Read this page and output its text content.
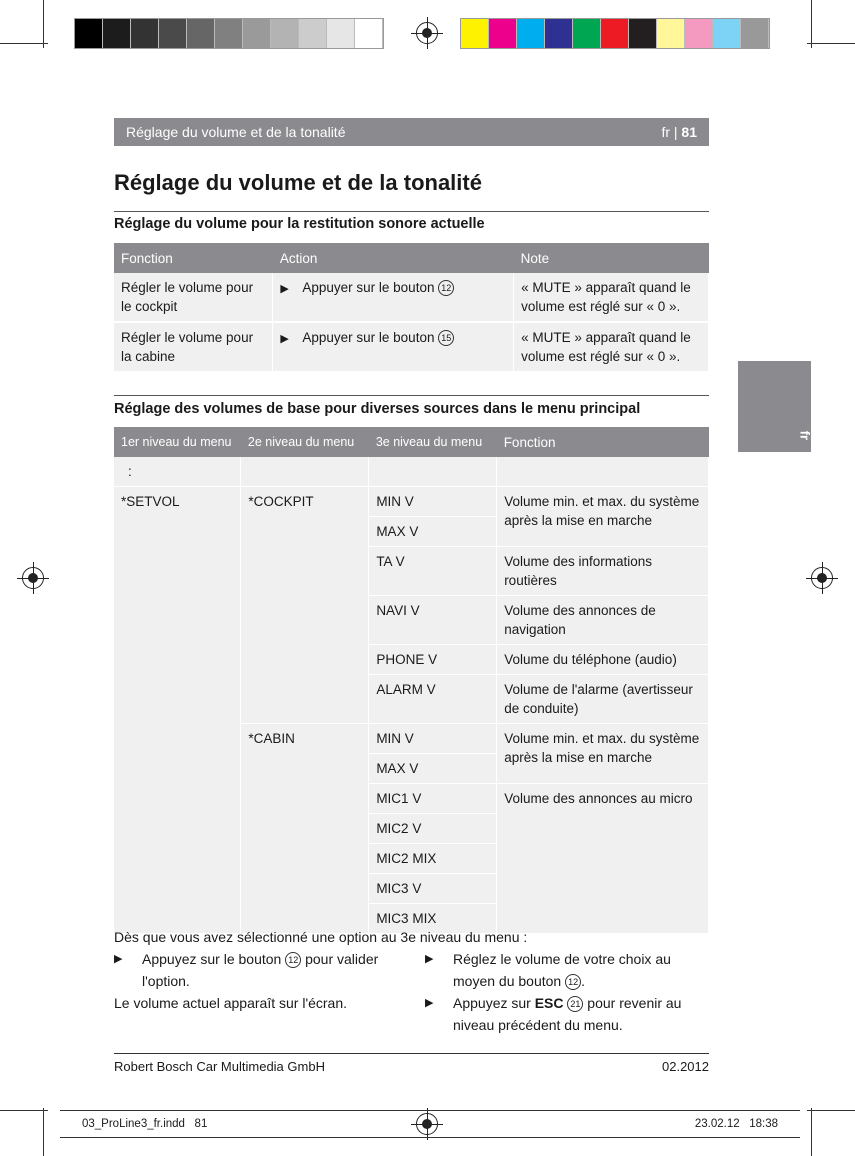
Réglage du volume et de la tonalité	fr | 81
fr
Réglage du volume et de la tonalité
Réglage du volume pour la restitution sonore actuelle
Fonction	Action	Note
Régler le volume pour le cockpit	▶ Appuyer sur le bouton 12	« MUTE » apparaît quand le volume est réglé sur « 0 ».
Régler le volume pour la cabine	▶ Appuyer sur le bouton 15	« MUTE » apparaît quand le volume est réglé sur « 0 ».
Réglage des volumes de base pour diverses sources dans le menu principal
1er niveau du menu	2e niveau du menu	3e niveau du menu	Fonction
:			
*SETVOL	*COCKPIT	MIN V	Volume min. et max. du système après la mise en marche
		MAX V	
		TA V	Volume des informations routières
		NAVI V	Volume des annonces de navigation
		PHONE V	Volume du téléphone (audio)
		ALARM V	Volume de l'alarme (avertisseur de conduite)
	*CABIN	MIN V	Volume min. et max. du système après la mise en marche
		MAX V	
		MIC1 V	Volume des annonces au micro
		MIC2 V	
		MIC2 MIX	
		MIC3 V	
		MIC3 MIX	
Dès que vous avez sélectionné une option au 3e niveau du menu :
▶ Appuyez sur le bouton 12 pour valider l'option.
Le volume actuel apparaît sur l'écran.
▶ Réglez le volume de votre choix au moyen du bouton 12 .
▶ Appuyez sur ESC 21 pour revenir au niveau précédent du menu.
Robert Bosch Car Multimedia GmbH	02.2012
03_ProLine3_fr.indd 81	23.02.12 18:38
